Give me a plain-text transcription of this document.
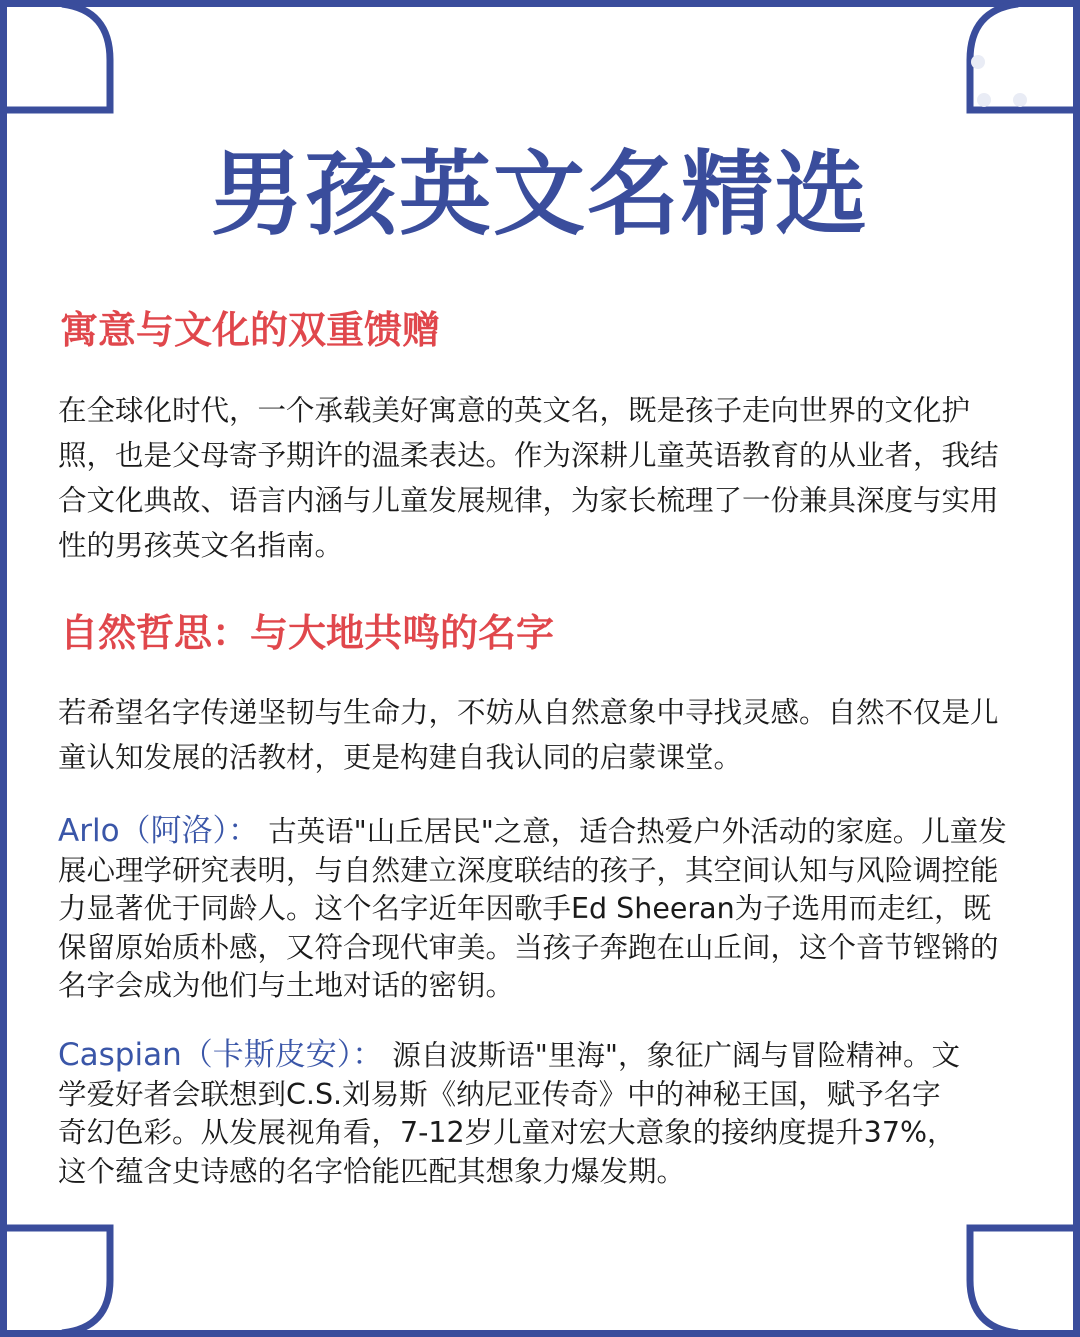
男孩英文名精选
寓意与文化的双重馈赠

在全球化时代，一个承载美好寓意的英文名，既是孩子走向世界的文化护照，也是父母寄予期许的温柔表达。作为深耕儿童英语教育的从业者，我结合文化典故、语言内涵与儿童发展规律，为家长梳理了一份兼具深度与实用性的男孩英文名指南。

自然哲思：与大地共鸣的名字

若希望名字传递坚韧与生命力，不妨从自然意象中寻找灵感。自然不仅是儿童认知发展的活教材，更是构建自我认同的启蒙课堂。

Arlo（阿洛）： 古英语"山丘居民"之意，适合热爱户外活动的家庭。儿童发展心理学研究表明，与自然建立深度联结的孩子，其空间认知与风险调控能力显著优于同龄人。这个名字近年因歌手Ed Sheeran为子选用而走红，既保留原始质朴感，又符合现代审美。当孩子奔跑在山丘间，这个音节铿锵的名字会成为他们与土地对话的密钥。

Caspian（卡斯皮安）： 源自波斯语"里海"，象征广阔与冒险精神。文学爱好者会联想到C.S.刘易斯《纳尼亚传奇》中的神秘王国，赋予名字奇幻色彩。从发展视角看，7-12岁儿童对宏大意象的接纳度提升37%，这个蕴含史诗感的名字恰能匹配其想象力爆发期。
